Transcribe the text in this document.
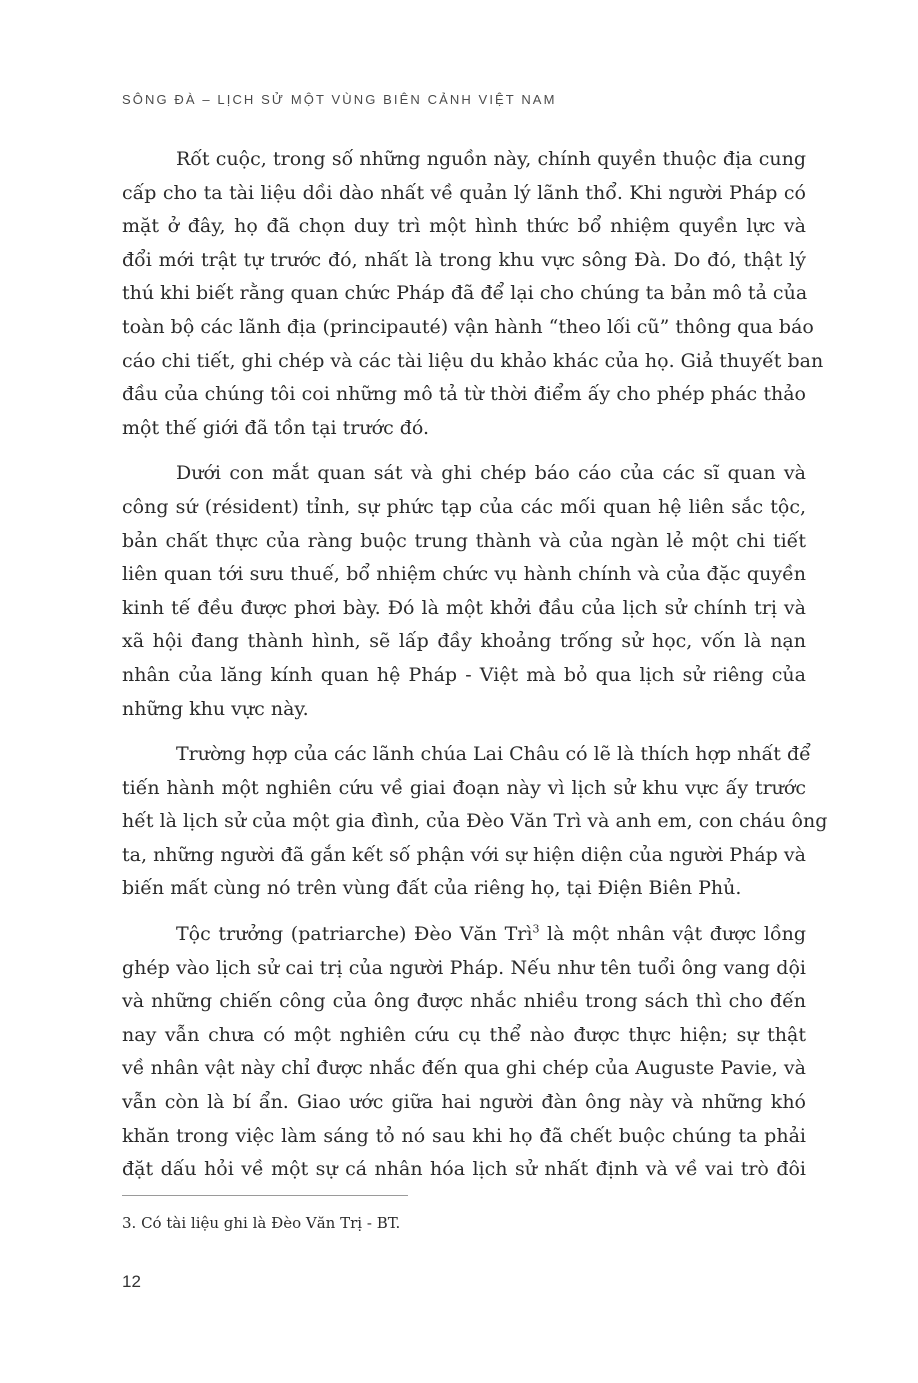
SÔNG ĐÀ – LỊCH SỬ MỘT VÙNG BIÊN CẢNH VIỆT NAM
Rốt cuộc, trong số những nguồn này, chính quyền thuộc địa cung
cấp cho ta tài liệu dồi dào nhất về quản lý lãnh thổ. Khi người Pháp có
mặt ở đây, họ đã chọn duy trì một hình thức bổ nhiệm quyền lực và
đổi mới trật tự trước đó, nhất là trong khu vực sông Đà. Do đó, thật lý
thú khi biết rằng quan chức Pháp đã để lại cho chúng ta bản mô tả của
toàn bộ các lãnh địa (principauté) vận hành “theo lối cũ” thông qua báo
cáo chi tiết, ghi chép và các tài liệu du khảo khác của họ. Giả thuyết ban
đầu của chúng tôi coi những mô tả từ thời điểm ấy cho phép phác thảo
một thế giới đã tồn tại trước đó.
Dưới con mắt quan sát và ghi chép báo cáo của các sĩ quan và
công sứ (résident) tỉnh, sự phức tạp của các mối quan hệ liên sắc tộc,
bản chất thực của ràng buộc trung thành và của ngàn lẻ một chi tiết
liên quan tới sưu thuế, bổ nhiệm chức vụ hành chính và của đặc quyền
kinh tế đều được phơi bày. Đó là một khởi đầu của lịch sử chính trị và
xã hội đang thành hình, sẽ lấp đầy khoảng trống sử học, vốn là nạn
nhân của lăng kính quan hệ Pháp - Việt mà bỏ qua lịch sử riêng của
những khu vực này.
Trường hợp của các lãnh chúa Lai Châu có lẽ là thích hợp nhất để
tiến hành một nghiên cứu về giai đoạn này vì lịch sử khu vực ấy trước
hết là lịch sử của một gia đình, của Đèo Văn Trì và anh em, con cháu ông
ta, những người đã gắn kết số phận với sự hiện diện của người Pháp và
biến mất cùng nó trên vùng đất của riêng họ, tại Điện Biên Phủ.
Tộc trưởng (patriarche) Đèo Văn Trì$^3$ là một nhân vật được lồng
ghép vào lịch sử cai trị của người Pháp. Nếu như tên tuổi ông vang dội
và những chiến công của ông được nhắc nhiều trong sách thì cho đến
nay vẫn chưa có một nghiên cứu cụ thể nào được thực hiện; sự thật
về nhân vật này chỉ được nhắc đến qua ghi chép của Auguste Pavie, và
vẫn còn là bí ẩn. Giao ước giữa hai người đàn ông này và những khó
khăn trong việc làm sáng tỏ nó sau khi họ đã chết buộc chúng ta phải
đặt dấu hỏi về một sự cá nhân hóa lịch sử nhất định và về vai trò đôi
3. Có tài liệu ghi là Đèo Văn Trị - BT.
12
